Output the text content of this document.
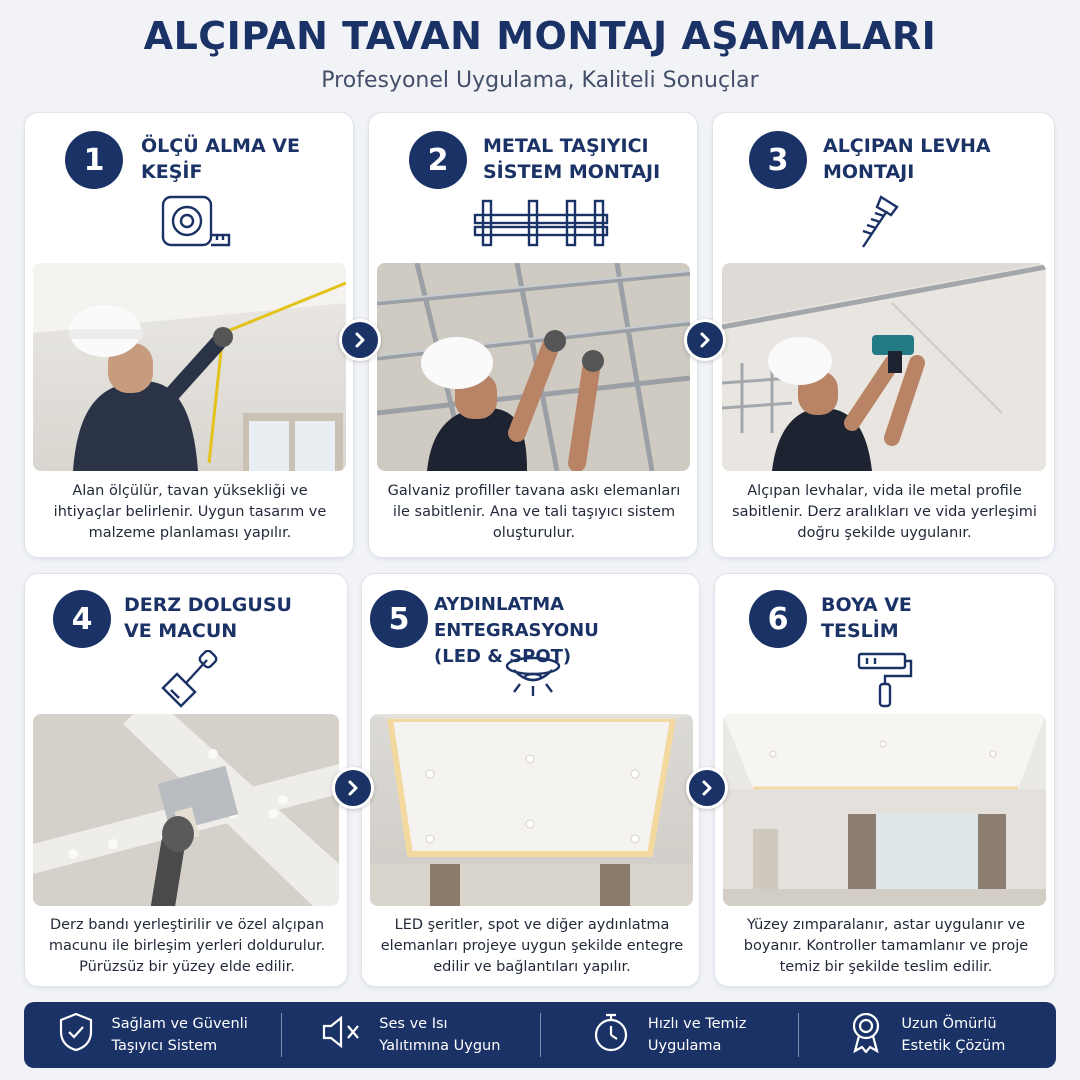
ALÇIPAN TAVAN MONTAJ AŞAMALARI
Profesyonel Uygulama, Kaliteli Sonuçlar
1	ÖLÇÜ ALMA VE
KEŞİF
Alan ölçülür, tavan yüksekliği ve ihtiyaçlar belirlenir. Uygun tasarım ve malzeme planlaması yapılır.
2	METAL TAŞIYICI
SİSTEM MONTAJI
Galvaniz profiller tavana askı elemanları ile sabitlenir. Ana ve tali taşıyıcı sistem oluşturulur.
3	ALÇIPAN LEVHA
MONTAJI
Alçıpan levhalar, vida ile metal profile sabitlenir. Derz aralıkları ve vida yerleşimi doğru şekilde uygulanır.
4	DERZ DOLGUSU
VE MACUN
Derz bandı yerleştirilir ve özel alçıpan macunu ile birleşim yerleri doldurulur. Pürüzsüz bir yüzey elde edilir.
5	AYDINLATMA ENTEGRASYONU
(LED & SPOT)
LED şeritler, spot ve diğer aydınlatma elemanları projeye uygun şekilde entegre edilir ve bağlantıları yapılır.
6	BOYA VE
TESLİM
Yüzey zımparalanır, astar uygulanır ve boyanır. Kontroller tamamlanır ve proje temiz bir şekilde teslim edilir.
Sağlam ve Güvenli
Taşıyıcı Sistem
Ses ve Isı
Yalıtımına Uygun
Hızlı ve Temiz
Uygulama
Uzun Ömürlü
Estetik Çözüm
